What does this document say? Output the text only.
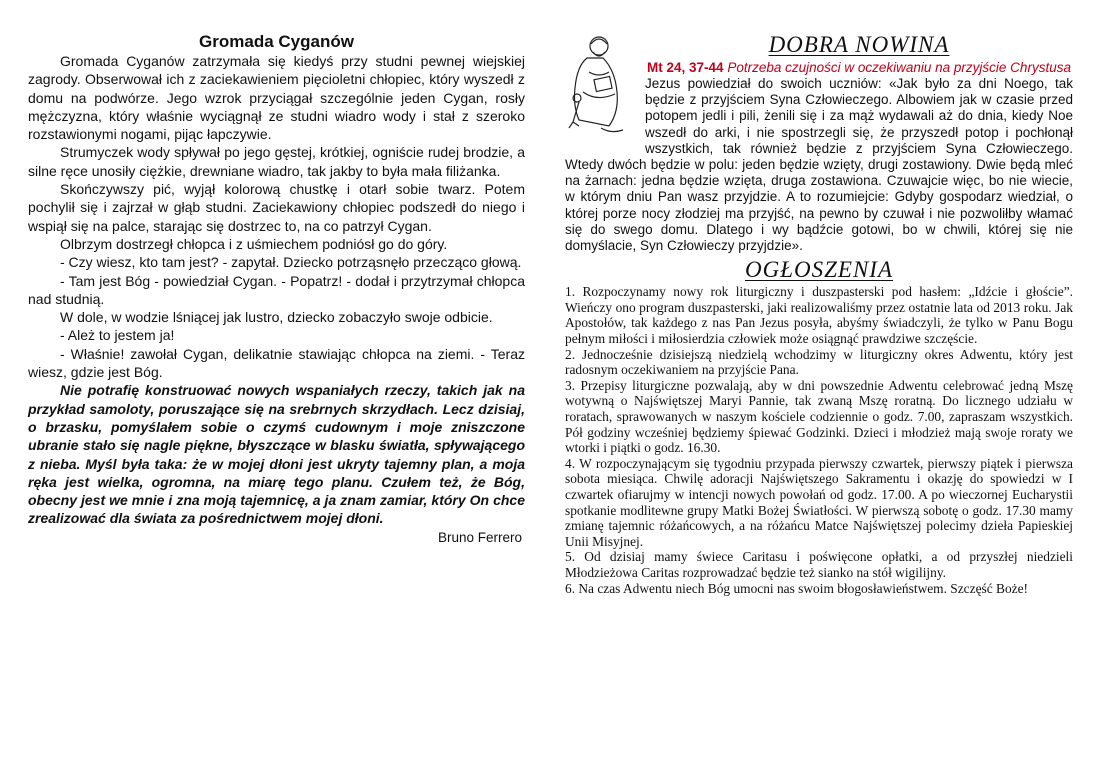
Gromada Cyganów

Gromada Cyganów zatrzymała się kiedyś przy studni pewnej wiejskiej zagrody. Obserwował ich z zaciekawieniem pięcioletni chłopiec, który wyszedł z domu na podwórze. Jego wzrok przyciągał szczególnie jeden Cygan, rosły mężczyzna, który właśnie wyciągnął ze studni wiadro wody i stał z szeroko rozstawionymi nogami, pijąc łapczywie.

Strumyczek wody spływał po jego gęstej, krótkiej, ogniście rudej brodzie, a silne ręce unosiły ciężkie, drewniane wiadro, tak jakby to była mała filiżanka.

Skończywszy pić, wyjął kolorową chustkę i otarł sobie twarz. Potem pochylił się i zajrzał w głąb studni. Zaciekawiony chłopiec podszedł do niego i wspiął się na palce, starając się dostrzec to, na co patrzył Cygan.

Olbrzym dostrzegł chłopca i z uśmiechem podniósł go do góry.

- Czy wiesz, kto tam jest? - zapytał. Dziecko potrząsnęło przecząco głową.

- Tam jest Bóg - powiedział Cygan. - Popatrz! - dodał i przytrzymał chłopca nad studnią.

W dole, w wodzie lśniącej jak lustro, dziecko zobaczyło swoje odbicie.

- Ależ to jestem ja!

- Właśnie! zawołał Cygan, delikatnie stawiając chłopca na ziemi. - Teraz wiesz, gdzie jest Bóg.

Nie potrafię konstruować nowych wspaniałych rzeczy, takich jak na przykład samoloty, poruszające się na srebrnych skrzydłach. Lecz dzisiaj, o brzasku, pomyślałem sobie o czymś cudownym i moje zniszczone ubranie stało się nagle piękne, błyszczące w blasku światła, spływającego z nieba. Myśl była taka: że w mojej dłoni jest ukryty tajemny plan, a moja ręka jest wielka, ogromna, na miarę tego planu. Czułem też, że Bóg, obecny jest we mnie i zna moją tajemnicę, a ja znam zamiar, który On chce zrealizować dla świata za pośrednictwem mojej dłoni.

Bruno Ferrero
DOBRA NOWINA
Mt 24, 37-44 Potrzeba czujności w oczekiwaniu na przyjście Chrystusa

Jezus powiedział do swoich uczniów: «Jak było za dni Noego, tak będzie z przyjściem Syna Człowieczego. Albowiem jak w czasie przed potopem jedli i pili, żenili się i za mąż wydawali aż do dnia, kiedy Noe wszedł do arki, i nie spostrzegli się, że przyszedł potop i pochłonął wszystkich, tak również będzie z przyjściem Syna Człowieczego. Wtedy dwóch będzie w polu: jeden będzie wzięty, drugi zostawiony. Dwie będą mleć na żarnach: jedna będzie wzięta, druga zostawiona. Czuwajcie więc, bo nie wiecie, w którym dniu Pan wasz przyjdzie. A to rozumiejcie: Gdyby gospodarz wiedział, o której porze nocy złodziej ma przyjść, na pewno by czuwał i nie pozwoliłby włamać się do swego domu. Dlatego i wy bądźcie gotowi, bo w chwili, której się nie domyślacie, Syn Człowieczy przyjdzie».

OGŁOSZENIA

1. Rozpoczynamy nowy rok liturgiczny i duszpasterski pod hasłem: „Idźcie i głoście”. Wieńczy ono program duszpasterski, jaki realizowaliśmy przez ostatnie lata od 2013 roku. Jak Apostołów, tak każdego z nas Pan Jezus posyła, abyśmy świadczyli, że tylko w Panu Bogu pełnym miłości i miłosierdzia człowiek może osiągnąć prawdziwe szczęście.

2. Jednocześnie dzisiejszą niedzielą wchodzimy w liturgiczny okres Adwentu, który jest radosnym oczekiwaniem na przyjście Pana.

3. Przepisy liturgiczne pozwalają, aby w dni powszednie Adwentu celebrować jedną Mszę wotywną o Najświętszej Maryi Pannie, tak zwaną Mszę roratną. Do licznego udziału w roratach, sprawowanych w naszym kościele codziennie o godz. 7.00, zapraszam wszystkich. Pół godziny wcześniej będziemy śpiewać Godzinki. Dzieci i młodzież mają swoje roraty we wtorki i piątki o godz. 16.30.

4. W rozpoczynającym się tygodniu przypada pierwszy czwartek, pierwszy piątek i pierwsza sobota miesiąca. Chwilę adoracji Najświętszego Sakramentu i okazję do spowiedzi w I czwartek ofiarujmy w intencji nowych powołań od godz. 17.00. A po wieczornej Eucharystii spotkanie modlitewne grupy Matki Bożej Światłości. W pierwszą sobotę o godz. 17.30 mamy zmianę tajemnic różańcowych, a na różańcu Matce Najświętszej polecimy dzieła Papieskiej Unii Misyjnej.

5. Od dzisiaj mamy świece Caritasu i poświęcone opłatki, a od przyszłej niedzieli Młodzieżowa Caritas rozprowadzać będzie też sianko na stół wigilijny.

6. Na czas Adwentu niech Bóg umocni nas swoim błogosławieństwem. Szczęść Boże!
